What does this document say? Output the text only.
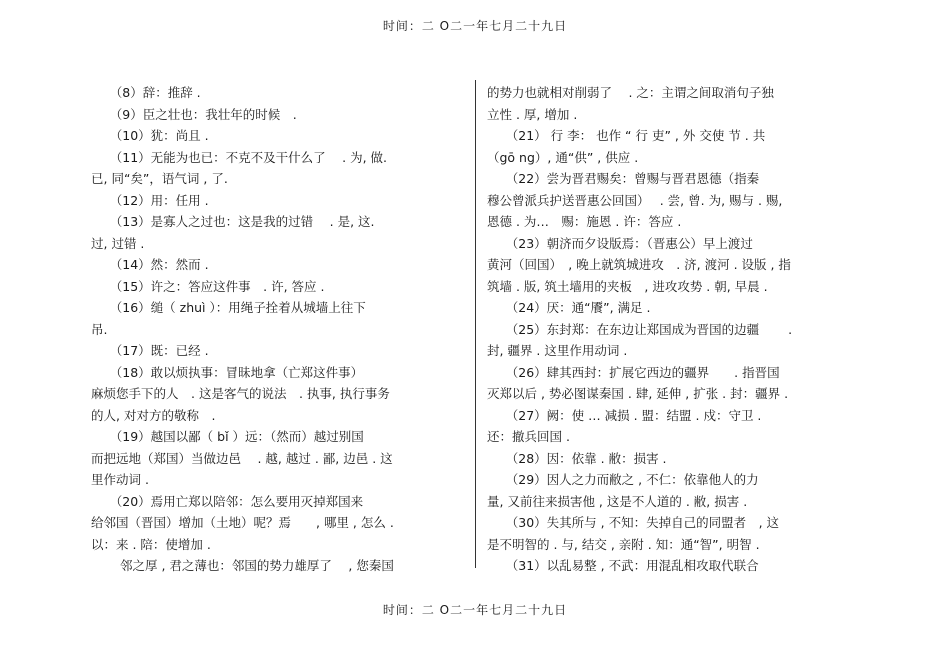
时间：二 O二一年七月二十九日

　　（8）辞：推辞 .

　　（9）臣之壮也：我壮年的时候　.

　　（10）犹：尚且 .

　　（11）无能为也已：不克不及干什么了　 . 为, 做.

已, 同“矣”，语气词 , 了.

　　（12）用：任用 .

　　（13）是寡人之过也：这是我的过错　 . 是, 这.

过, 过错 .

　　（14）然：然而 .

　　（15）许之：答应这件事　. 许, 答应 .

　　（16）缒（ zhuì ）：用绳子拴着从城墙上往下

吊.

　　（17）既：已经 .

　　（18）敢以烦执事：冒昧地拿（亡郑这件事）

麻烦您手下的人　. 这是客气的说法　. 执事, 执行事务

的人, 对对方的敬称　.

　　（19）越国以鄙（ bǐ ）远：（然而）越过别国

而把远地（郑国）当做边邑　 . 越, 越过 . 鄙, 边邑 . 这

里作动词 .

　　（20）焉用亡郑以陪邻：怎么要用灭掉郑国来

给邻国（晋国）增加（土地）呢？焉　　, 哪里 , 怎么 .

以：来 . 陪：使增加 .

　　 邻之厚 , 君之薄也：邻国的势力雄厚了　 , 您秦国

的势力也就相对削弱了　 . 之：主谓之间取消句子独

立性 . 厚, 增加 .

　　（21） 行 李： 也作 “ 行 吏” , 外 交使 节 . 共

（gō ng）, 通“供” , 供应 .

　　（22）尝为晋君赐矣：曾赐与晋君恩德（指秦

穆公曾派兵护送晋惠公回国）　 . 尝, 曾. 为, 赐与 . 赐,

恩德 . 为…　赐：施恩 . 许：答应 .

　　（23）朝济而夕设版焉：（晋惠公）早上渡过

黄河（回国）　, 晚上就筑城进攻　. 济, 渡河 . 设版 , 指

筑墙 . 版, 筑土墙用的夹板　, 进攻攻势 . 朝, 早晨 .

　　（24）厌：通“餍”, 满足 .

　　（25）东封郑：在东边让郑国成为晋国的边疆　　 .

封, 疆界 . 这里作用动词 .

　　（26）肆其西封：扩展它西边的疆界　　. 指晋国

灭郑以后 , 势必图谋秦国 . 肆, 延伸 , 扩张 . 封：疆界 .

　　（27）阙：使 … 减损 . 盟：结盟 . 戍：守卫 .

还：撤兵回国 .

　　（28）因：依靠 . 敝：损害 .

　　（29）因人之力而敝之 , 不仁：依靠他人的力

量, 又前往来损害他 , 这是不人道的 . 敝, 损害 .

　　（30）失其所与 , 不知：失掉自己的同盟者　, 这

是不明智的 . 与, 结交 , 亲附 . 知：通“智”, 明智 .

　　（31）以乱易整 , 不武：用混乱相攻取代联合

时间：二 O二一年七月二十九日
